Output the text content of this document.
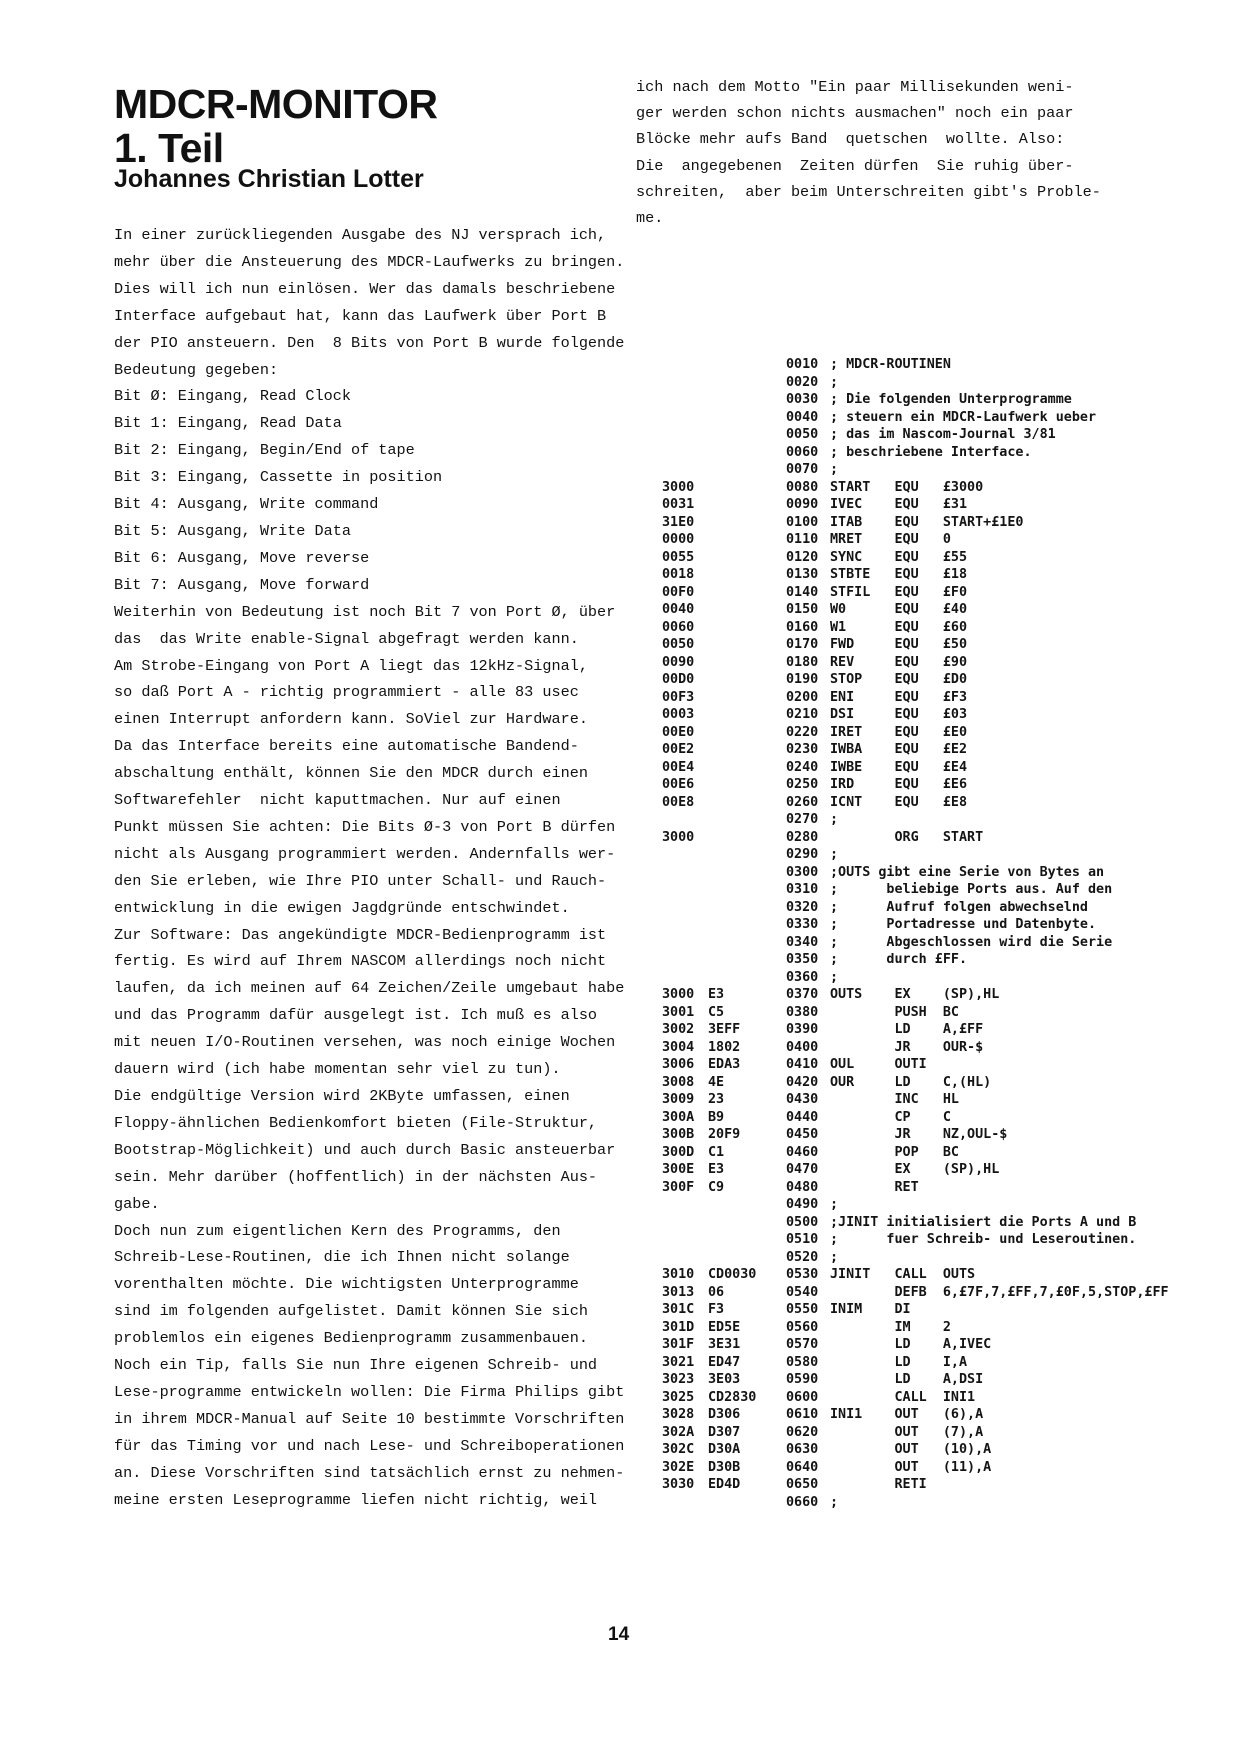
MDCR-MONITOR
1. Teil
Johannes Christian Lotter

In einer zurückliegenden Ausgabe des NJ versprach ich,

mehr über die Ansteuerung des MDCR-Laufwerks zu bringen.

Dies will ich nun einlösen. Wer das damals beschriebene

Interface aufgebaut hat, kann das Laufwerk über Port B

der PIO ansteuern. Den  8 Bits von Port B wurde folgende

Bedeutung gegeben:

Bit Ø: Eingang, Read Clock

Bit 1: Eingang, Read Data

Bit 2: Eingang, Begin/End of tape

Bit 3: Eingang, Cassette in position

Bit 4: Ausgang, Write command

Bit 5: Ausgang, Write Data

Bit 6: Ausgang, Move reverse

Bit 7: Ausgang, Move forward

Weiterhin von Bedeutung ist noch Bit 7 von Port Ø, über

das  das Write enable-Signal abgefragt werden kann.

Am Strobe-Eingang von Port A liegt das 12kHz-Signal,

so daß Port A - richtig programmiert - alle 83 usec

einen Interrupt anfordern kann. SoViel zur Hardware.

Da das Interface bereits eine automatische Bandend-

abschaltung enthält, können Sie den MDCR durch einen

Softwarefehler  nicht kaputtmachen. Nur auf einen

Punkt müssen Sie achten: Die Bits Ø-3 von Port B dürfen

nicht als Ausgang programmiert werden. Andernfalls wer-

den Sie erleben, wie Ihre PIO unter Schall- und Rauch-

entwicklung in die ewigen Jagdgründe entschwindet.

Zur Software: Das angekündigte MDCR-Bedienprogramm ist

fertig. Es wird auf Ihrem NASCOM allerdings noch nicht

laufen, da ich meinen auf 64 Zeichen/Zeile umgebaut habe

und das Programm dafür ausgelegt ist. Ich muß es also

mit neuen I/O-Routinen versehen, was noch einige Wochen

dauern wird (ich habe momentan sehr viel zu tun).

Die endgültige Version wird 2KByte umfassen, einen

Floppy-ähnlichen Bedienkomfort bieten (File-Struktur,

Bootstrap-Möglichkeit) und auch durch Basic ansteuerbar

sein. Mehr darüber (hoffentlich) in der nächsten Aus-

gabe.

Doch nun zum eigentlichen Kern des Programms, den

Schreib-Lese-Routinen, die ich Ihnen nicht solange

vorenthalten möchte. Die wichtigsten Unterprogramme

sind im folgenden aufgelistet. Damit können Sie sich

problemlos ein eigenes Bedienprogramm zusammenbauen.

Noch ein Tip, falls Sie nun Ihre eigenen Schreib- und

Lese-programme entwickeln wollen: Die Firma Philips gibt

in ihrem MDCR-Manual auf Seite 10 bestimmte Vorschriften

für das Timing vor und nach Lese- und Schreiboperationen

an. Diese Vorschriften sind tatsächlich ernst zu nehmen-

meine ersten Leseprogramme liefen nicht richtig, weil

ich nach dem Motto "Ein paar Millisekunden weni-

ger werden schon nichts ausmachen" noch ein paar

Blöcke mehr aufs Band  quetschen  wollte. Also:

Die  angegebenen  Zeiten dürfen  Sie ruhig über-

schreiten,  aber beim Unterschreiten gibt's Proble-

me.

0010 ; MDCR-ROUTINEN
0020 ;
0030 ; Die folgenden Unterprogramme
0040 ; steuern ein MDCR-Laufwerk ueber
0050 ; das im Nascom-Journal 3/81
0060 ; beschriebene Interface.
0070 ;
3000	0080 START   EQU   £3000
0031	0090 IVEC    EQU   £31
31E0	0100 ITAB    EQU   START+£1E0
0000	0110 MRET    EQU   0
0055	0120 SYNC    EQU   £55
0018	0130 STBTE   EQU   £18
00F0	0140 STFIL   EQU   £F0
0040	0150 W0      EQU   £40
0060	0160 W1      EQU   £60
0050	0170 FWD     EQU   £50
0090	0180 REV     EQU   £90
00D0	0190 STOP    EQU   £D0
00F3	0200 ENI     EQU   £F3
0003	0210 DSI     EQU   £03
00E0	0220 IRET    EQU   £E0
00E2	0230 IWBA    EQU   £E2
00E4	0240 IWBE    EQU   £E4
00E6	0250 IRD     EQU   £E6
00E8	0260 ICNT    EQU   £E8
0270 ;
3000	0280 ORG   START
0290 ;
0300 ;OUTS gibt eine Serie von Bytes an
0310 ;      beliebige Ports aus. Auf den
0320 ;      Aufruf folgen abwechselnd
0330 ;      Portadresse und Datenbyte.
0340 ;      Abgeschlossen wird die Serie
0350 ;      durch £FF.
0360 ;
3000	E3	0370 OUTS    EX    (SP),HL
3001	C5	0380 PUSH  BC
3002	3EFF	0390 LD    A,£FF
3004	1802	0400 JR    OUR-$
3006	EDA3	0410 OUL     OUTI
3008	4E	0420 OUR     LD    C,(HL)
3009	23	0430 INC   HL
300A	B9	0440 CP    C
300B	20F9	0450 JR    NZ,OUL-$
300D	C1	0460 POP   BC
300E	E3	0470 EX    (SP),HL
300F	C9	0480 RET
0490 ;
0500 ;JINIT initialisiert die Ports A und B
0510 ;      fuer Schreib- und Leseroutinen.
0520 ;
3010	CD0030	0530 JINIT   CALL  OUTS
3013	06	0540 DEFB  6,£7F,7,£FF,7,£0F,5,STOP,£FF
301C	F3	0550 INIM    DI
301D	ED5E	0560 IM    2
301F	3E31	0570 LD    A,IVEC
3021	ED47	0580 LD    I,A
3023	3E03	0590 LD    A,DSI
3025	CD2830	0600 CALL  INI1
3028	D306	0610 INI1    OUT   (6),A
302A	D307	0620 OUT   (7),A
302C	D30A	0630 OUT   (10),A
302E	D30B	0640 OUT   (11),A
3030	ED4D	0650 RETI
0660 ;
14
